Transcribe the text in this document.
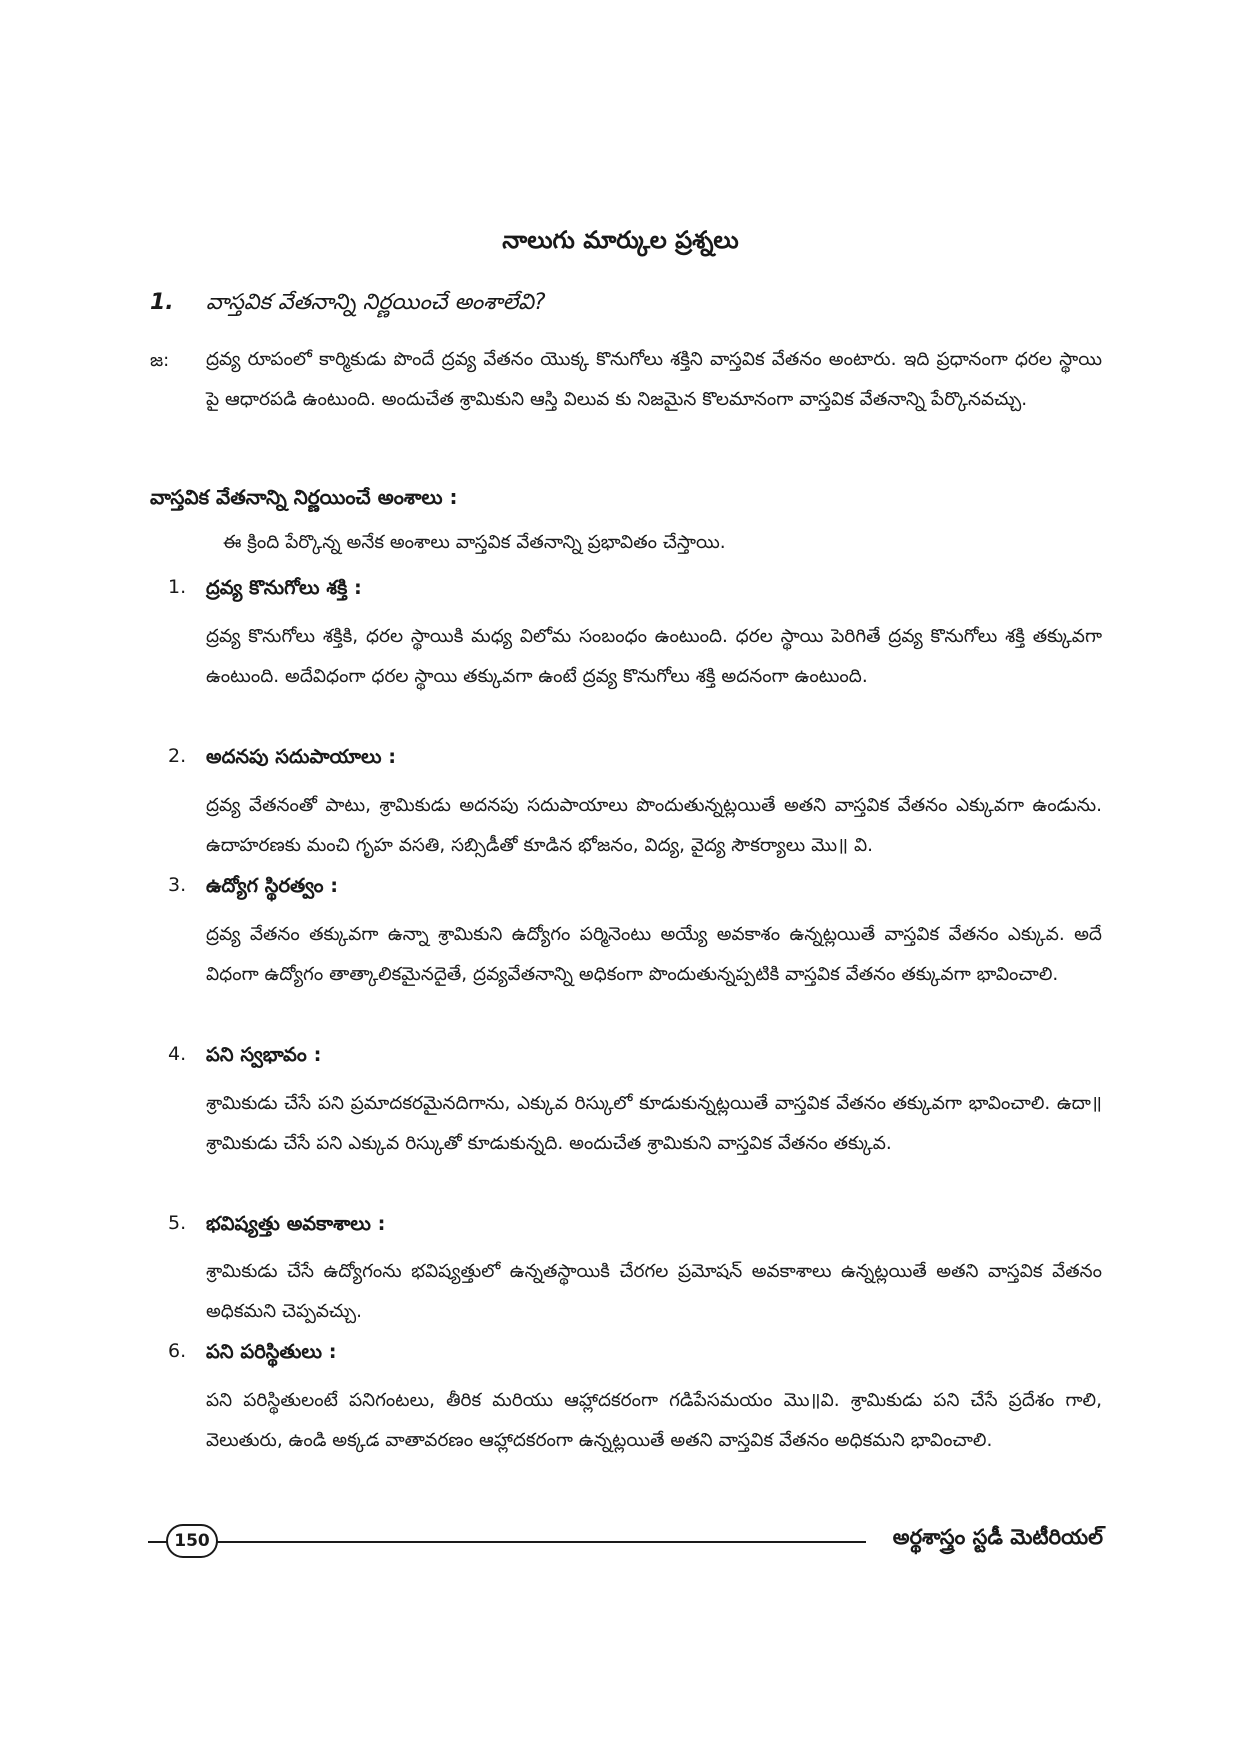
నాలుగు మార్కుల ప్రశ్నలు
1. వాస్తవిక వేతనాన్ని నిర్ణయించే అంశాలేవి?
జ: ద్రవ్య రూపంలో కార్మికుడు పొందే ద్రవ్య వేతనం యొక్క కొనుగోలు శక్తిని వాస్తవిక వేతనం అంటారు. ఇది ప్రధానంగా ధరల స్థాయి పై ఆధారపడి ఉంటుంది. అందుచేత శ్రామికుని ఆస్తి విలువ కు నిజమైన కొలమానంగా వాస్తవిక వేతనాన్ని పేర్కొనవచ్చు.

వాస్తవిక వేతనాన్ని నిర్ణయించే అంశాలు :

ఈ క్రింది పేర్కొన్న అనేక అంశాలు వాస్తవిక వేతనాన్ని ప్రభావితం చేస్తాయి.

1. ద్రవ్య కొనుగోలు శక్తి :

ద్రవ్య కొనుగోలు శక్తికి, ధరల స్థాయికి మధ్య విలోమ సంబంధం ఉంటుంది. ధరల స్థాయి పెరిగితే ద్రవ్య కొనుగోలు శక్తి తక్కువగా ఉంటుంది. అదేవిధంగా ధరల స్థాయి తక్కువగా ఉంటే ద్రవ్య కొనుగోలు శక్తి అదనంగా ఉంటుంది.

2. అదనపు సదుపాయాలు :

ద్రవ్య వేతనంతో పాటు, శ్రామికుడు అదనపు సదుపాయాలు పొందుతున్నట్లయితే అతని వాస్తవిక వేతనం ఎక్కువగా ఉండును. ఉదాహరణకు మంచి గృహ వసతి, సబ్సిడీతో కూడిన భోజనం, విద్య, వైద్య సౌకర్యాలు మొ॥ వి.

3. ఉద్యోగ స్థిరత్వం :

ద్రవ్య వేతనం తక్కువగా ఉన్నా శ్రామికుని ఉద్యోగం పర్మినెంటు అయ్యే అవకాశం ఉన్నట్లయితే వాస్తవిక వేతనం ఎక్కువ. అదే విధంగా ఉద్యోగం తాత్కాలికమైనదైతే, ద్రవ్యవేతనాన్ని అధికంగా పొందుతున్నప్పటికి వాస్తవిక వేతనం తక్కువగా భావించాలి.

4. పని స్వభావం :

శ్రామికుడు చేసే పని ప్రమాదకరమైనదిగాను, ఎక్కువ రిస్కులో కూడుకున్నట్లయితే వాస్తవిక వేతనం తక్కువగా భావించాలి. ఉదా॥ శ్రామికుడు చేసే పని ఎక్కువ రిస్కుతో కూడుకున్నది. అందుచేత శ్రామికుని వాస్తవిక వేతనం తక్కువ.

5. భవిష్యత్తు అవకాశాలు :

శ్రామికుడు చేసే ఉద్యోగంను భవిష్యత్తులో ఉన్నతస్థాయికి చేరగల ప్రమోషన్ అవకాశాలు ఉన్నట్లయితే అతని వాస్తవిక వేతనం అధికమని చెప్పవచ్చు.

6. పని పరిస్థితులు :

పని పరిస్థితులంటే పనిగంటలు, తీరిక మరియు ఆహ్లాదకరంగా గడిపేసమయం మొ॥వి. శ్రామికుడు పని చేసే ప్రదేశం గాలి, వెలుతురు, ఉండి అక్కడ వాతావరణం ఆహ్లాదకరంగా ఉన్నట్లయితే అతని వాస్తవిక వేతనం అధికమని భావించాలి.

150	అర్థశాస్త్రం స్టడీ మెటీరియల్
